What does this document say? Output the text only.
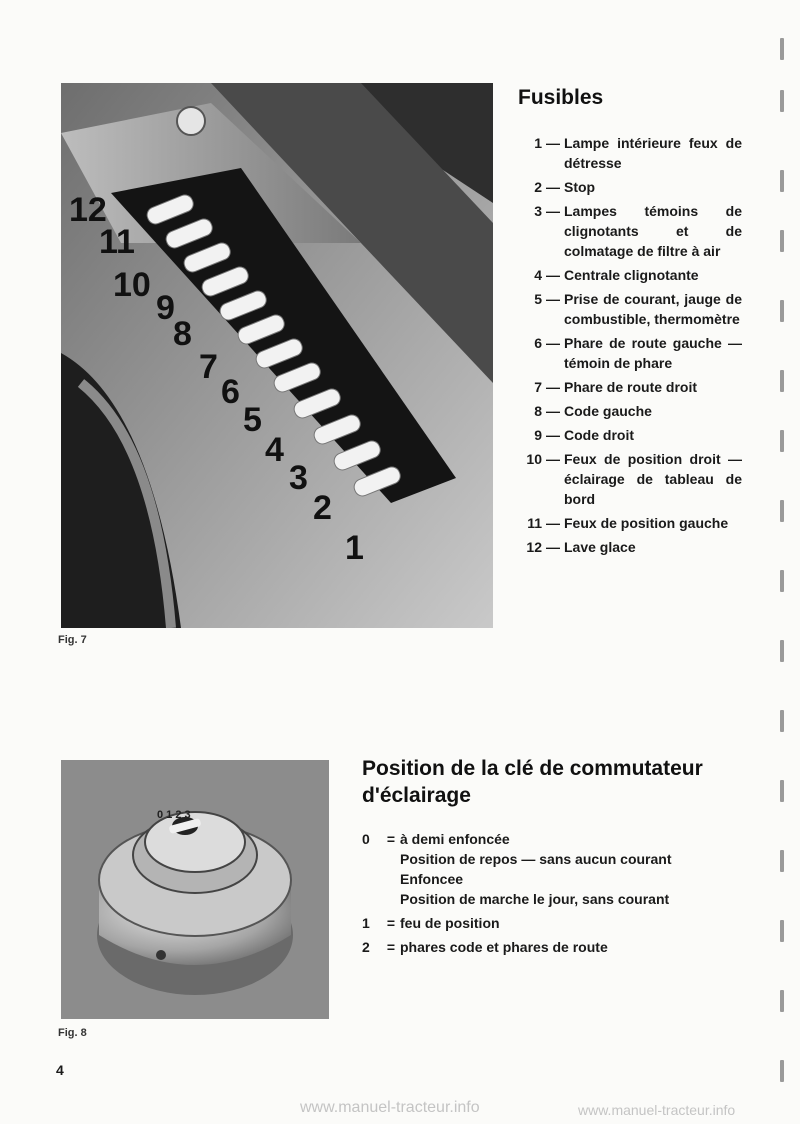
12
11
10
9
8
7
6
5
4
3
2
1
Fig. 7
Fusibles
1 — Lampe intérieure feux de détresse
2 — Stop
3 — Lampes témoins de clignotants et de colmatage de filtre à air
4 — Centrale clignotante
5 — Prise de courant, jauge de combustible, thermomètre
6 — Phare de route gauche — témoin de phare
7 — Phare de route droit
8 — Code gauche
9 — Code droit
10 — Feux de position droit — éclairage de tableau de bord
11 — Feux de position gauche
12 — Lave glace
0 1 2 3
Fig. 8
Position de la clé de commutateur
d'éclairage
0	= à demi enfoncée
Position de repos — sans aucun courant
Enfoncee
Position de marche le jour, sans courant
1	= feu de position
2	= phares code et phares de route
4
www.manuel-tracteur.info	www.manuel-tracteur.info
